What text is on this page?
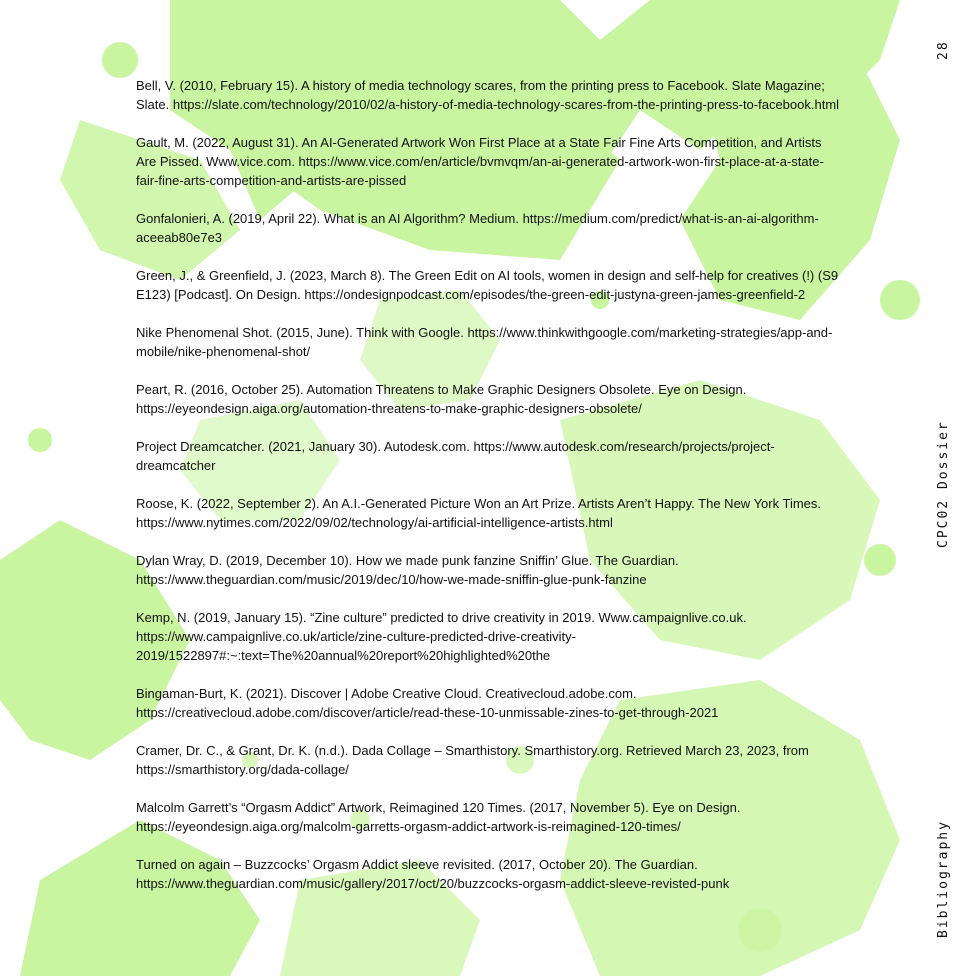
Bell, V. (2010, February 15). A history of media technology scares, from the printing press to Facebook. Slate Magazine; Slate. https://slate.com/technology/2010/02/a-history-of-media-technology-scares-from-the-printing-press-to-facebook.html

Gault, M. (2022, August 31). An AI-Generated Artwork Won First Place at a State Fair Fine Arts Competition, and Artists Are Pissed. Www.vice.com. https://www.vice.com/en/article/bvmvqm/an-ai-generated-artwork-won-first-place-at-a-state-fair-fine-arts-competition-and-artists-are-pissed

Gonfalonieri, A. (2019, April 22). What is an AI Algorithm? Medium. https://medium.com/predict/what-is-an-ai-algorithm-aceeab80e7e3

Green, J., & Greenfield, J. (2023, March 8). The Green Edit on AI tools, women in design and self-help for creatives (!) (S9 E123) [Podcast]. On Design. https://ondesignpodcast.com/episodes/the-green-edit-justyna-green-james-greenfield-2

Nike Phenomenal Shot. (2015, June). Think with Google. https://www.thinkwithgoogle.com/marketing-strategies/app-and-mobile/nike-phenomenal-shot/

Peart, R. (2016, October 25). Automation Threatens to Make Graphic Designers Obsolete. Eye on Design. https://eyeondesign.aiga.org/automation-threatens-to-make-graphic-designers-obsolete/

Project Dreamcatcher. (2021, January 30). Autodesk.com. https://www.autodesk.com/research/projects/project-dreamcatcher

Roose, K. (2022, September 2). An A.I.-Generated Picture Won an Art Prize. Artists Aren’t Happy. The New York Times. https://www.nytimes.com/2022/09/02/technology/ai-artificial-intelligence-artists.html

Dylan Wray, D. (2019, December 10). How we made punk fanzine Sniffin’ Glue. The Guardian. https://www.theguardian.com/music/2019/dec/10/how-we-made-sniffin-glue-punk-fanzine

Kemp, N. (2019, January 15). “Zine culture” predicted to drive creativity in 2019. Www.campaignlive.co.uk. https://www.campaignlive.co.uk/article/zine-culture-predicted-drive-creativity-2019/1522897#:~:text=The%20annual%20report%20highlighted%20the

Bingaman-Burt, K. (2021). Discover | Adobe Creative Cloud. Creativecloud.adobe.com. https://creativecloud.adobe.com/discover/article/read-these-10-unmissable-zines-to-get-through-2021

Cramer, Dr. C., & Grant, Dr. K. (n.d.). Dada Collage – Smarthistory. Smarthistory.org. Retrieved March 23, 2023, from https://smarthistory.org/dada-collage/

Malcolm Garrett’s “Orgasm Addict” Artwork, Reimagined 120 Times. (2017, November 5). Eye on Design. https://eyeondesign.aiga.org/malcolm-garretts-orgasm-addict-artwork-is-reimagined-120-times/

Turned on again – Buzzcocks’ Orgasm Addict sleeve revisited. (2017, October 20). The Guardian. https://www.theguardian.com/music/gallery/2017/oct/20/buzzcocks-orgasm-addict-sleeve-revisted-punk

28
CPC02 Dossier
Bibliography
